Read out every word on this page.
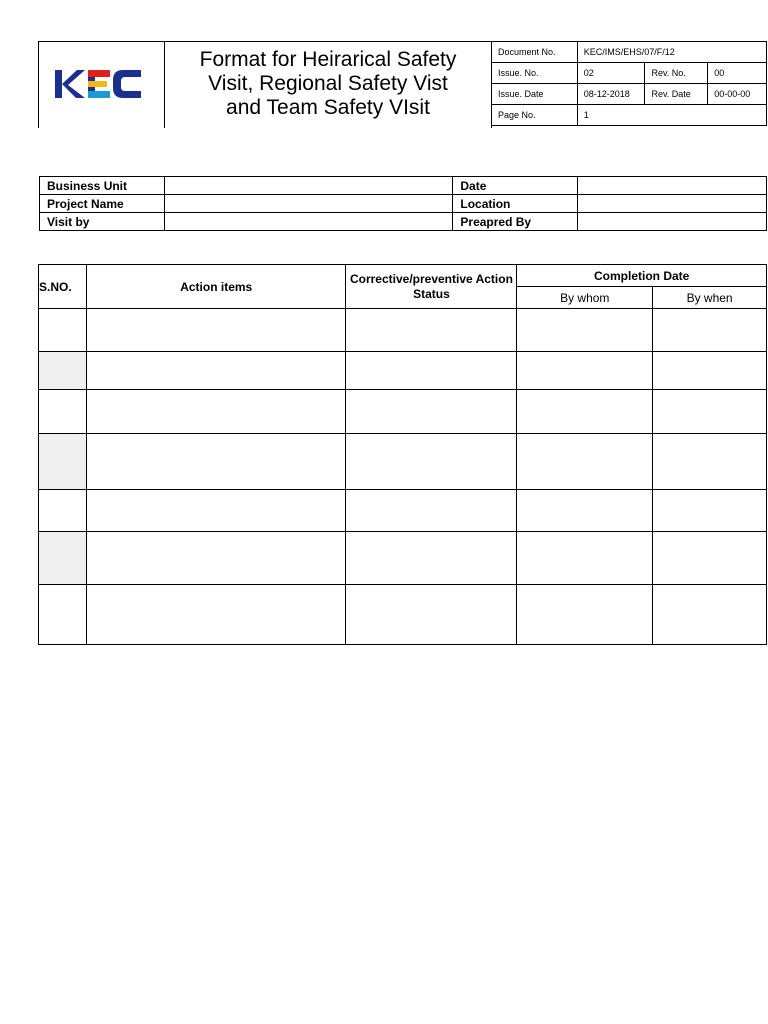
Format for Heirarical Safety
Visit, Regional Safety Vist
and Team Safety VIsit
Document No.	KEC/IMS/EHS/07/F/12		
Issue. No.	02	Rev. No.	00
Issue. Date	08-12-2018	Rev. Date	00-00-00
Page No.	1		
Business Unit		Date	
Project Name		Location	
Visit by		Preapred By	
S.NO.	Action items	Corrective/preventive Action Status	Completion Date	
			By whom	By when
